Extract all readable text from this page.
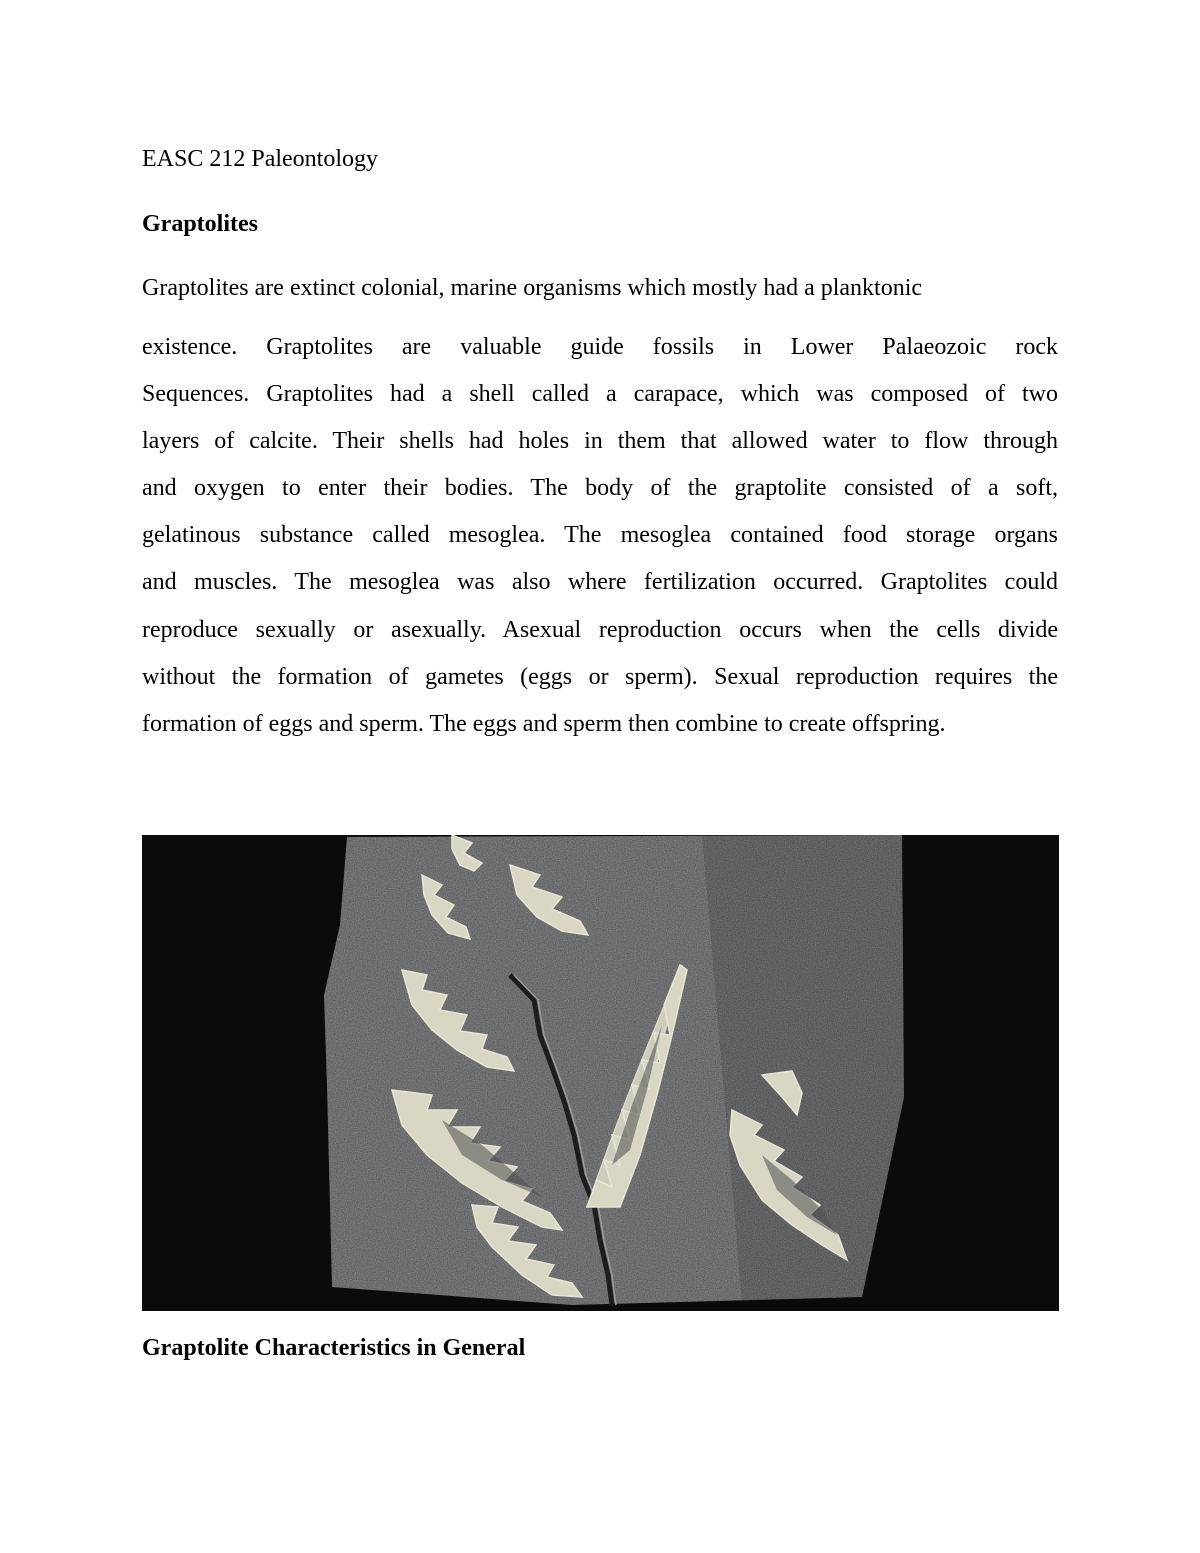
EASC 212 Paleontology

Graptolites

Graptolites are extinct colonial, marine organisms which mostly had a planktonic

existence. Graptolites are valuable guide fossils in Lower Palaeozoic rock
Sequences. Graptolites had a shell called a carapace, which was composed of two
layers of calcite. Their shells had holes in them that allowed water to flow through
and oxygen to enter their bodies. The body of the graptolite consisted of a soft,
gelatinous substance called mesoglea. The mesoglea contained food storage organs
and muscles. The mesoglea was also where fertilization occurred. Graptolites could
reproduce sexually or asexually. Asexual reproduction occurs when the cells divide
without the formation of gametes (eggs or sperm). Sexual reproduction requires the
formation of eggs and sperm. The eggs and sperm then combine to create offspring.

Graptolite Characteristics in General
